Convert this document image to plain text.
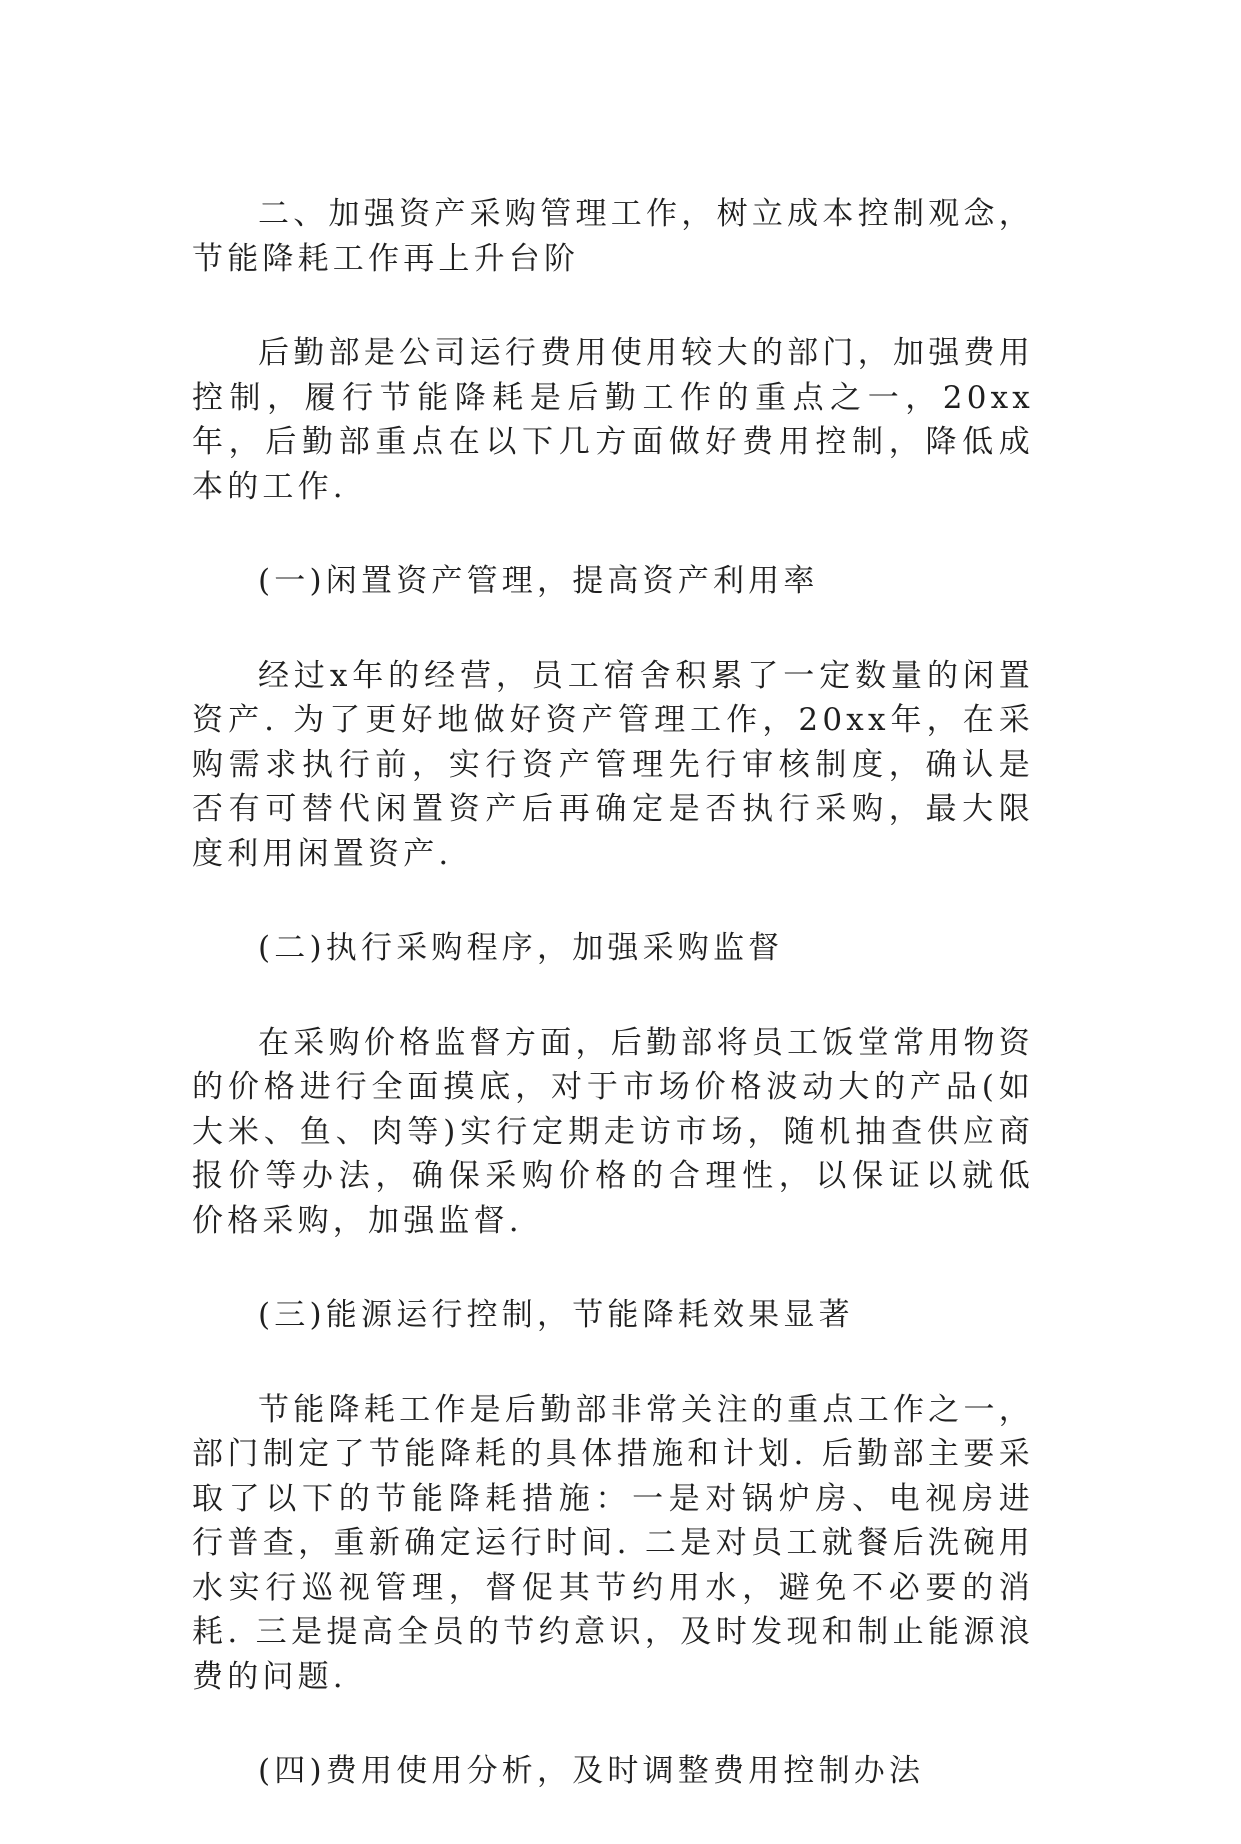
二、加强资产采购管理工作，树立成本控制观念，节能降耗工作再上升台阶

后勤部是公司运行费用使用较大的部门，加强费用控制，履行节能降耗是后勤工作的重点之一，20xx年，后勤部重点在以下几方面做好费用控制，降低成本的工作.

(一)闲置资产管理，提高资产利用率

经过x年的经营，员工宿舍积累了一定数量的闲置资产. 为了更好地做好资产管理工作，20xx年，在采购需求执行前，实行资产管理先行审核制度，确认是否有可替代闲置资产后再确定是否执行采购，最大限度利用闲置资产.

(二)执行采购程序，加强采购监督

在采购价格监督方面，后勤部将员工饭堂常用物资的价格进行全面摸底，对于市场价格波动大的产品(如大米、鱼、肉等)实行定期走访市场，随机抽查供应商报价等办法，确保采购价格的合理性，以保证以就低价格采购，加强监督.

(三)能源运行控制，节能降耗效果显著

节能降耗工作是后勤部非常关注的重点工作之一，部门制定了节能降耗的具体措施和计划. 后勤部主要采取了以下的节能降耗措施：一是对锅炉房、电视房进行普查，重新确定运行时间. 二是对员工就餐后洗碗用水实行巡视管理，督促其节约用水，避免不必要的消耗. 三是提高全员的节约意识，及时发现和制止能源浪费的问题.

(四)费用使用分析，及时调整费用控制办法
